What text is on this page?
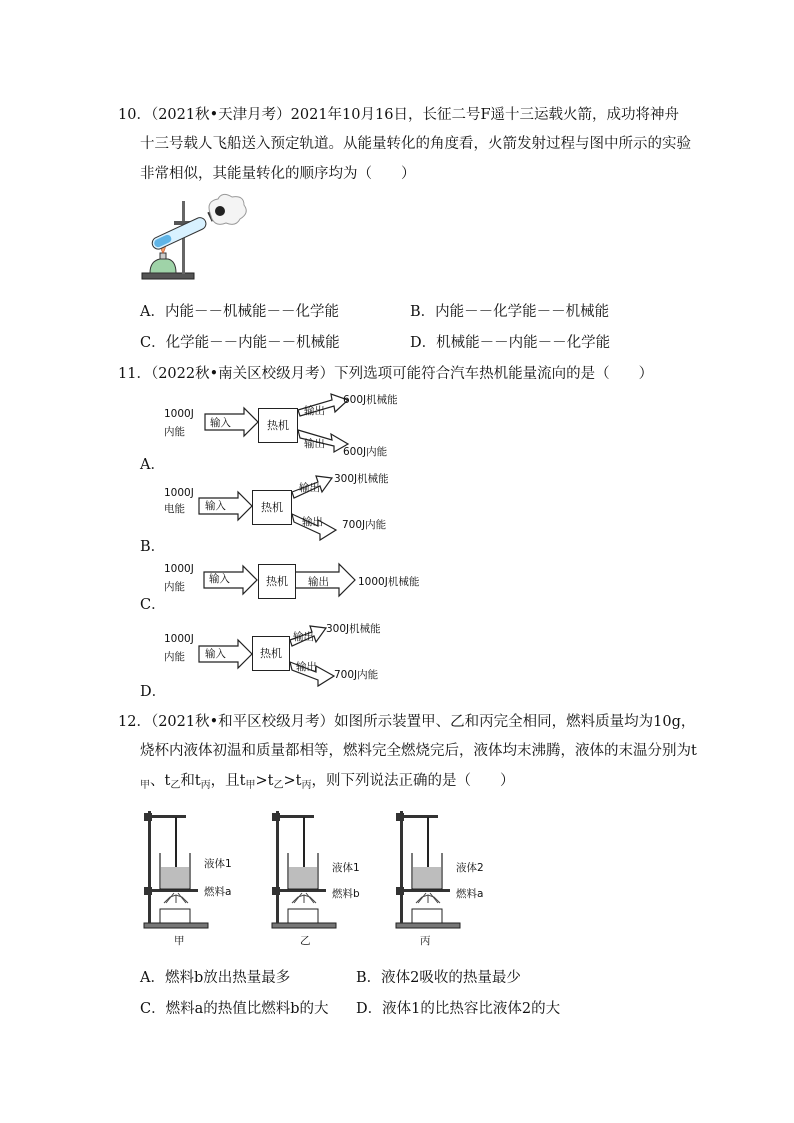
10．（2021秋•天津月考）2021年10月16日，长征二号F遥十三运载火箭，成功将神舟
十三号载人飞船送入预定轨道。从能量转化的角度看，火箭发射过程与图中所示的实验
非常相似，其能量转化的顺序均为（　　）
A．内能－－机械能－－化学能	B．内能－－化学能－－机械能
C．化学能－－内能－－机械能	D．机械能－－内能－－化学能
11．（2022秋•南关区校级月考）下列选项可能符合汽车热机能量流向的是（　　）
1000J
内能
输入	热机
输出
输出
600J机械能
600J内能
A．
1000J
电能 输入	热机
输出
输出
300J机械能
700J内能
B．
1000J
内能
输入	热机	输出	1000J机械能
C．
1000J
内能 输入	热机
输出
输出
300J机械能
700J内能
D．
12．（2021秋•和平区校级月考）如图所示装置甲、乙和丙完全相同，燃料质量均为10g，
烧杯内液体初温和质量都相等，燃料完全燃烧完后，液体均末沸腾，液体的末温分别为t
$_甲$、$t_乙$和$t_丙$，且$t_甲>t_乙>t_丙$，则下列说法正确的是（　　）
液体1
燃料a
甲
液体1
燃料b
乙
液体2
燃料a
丙
A．燃料b放出热量最多	B．液体2吸收的热量最少
C．燃料a的热值比燃料b的大 D．液体1的比热容比液体2的大
